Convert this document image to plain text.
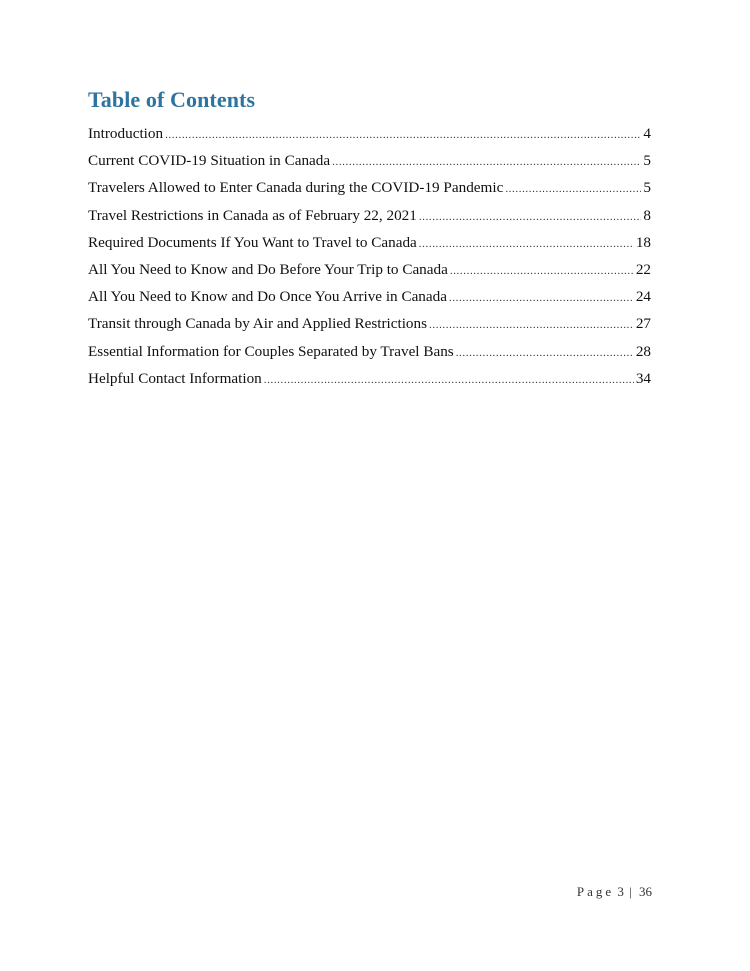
Table of Contents
Introduction .....	4
Current COVID-19 Situation in Canada .....	5
Travelers Allowed to Enter Canada during the COVID-19 Pandemic .....	5
Travel Restrictions in Canada as of February 22, 2021 .....	8
Required Documents If You Want to Travel to Canada .....	18
All You Need to Know and Do Before Your Trip to Canada .....	22
All You Need to Know and Do Once You Arrive in Canada .....	24
Transit through Canada by Air and Applied Restrictions .....	27
Essential Information for Couples Separated by Travel Bans .....	28
Helpful Contact Information .....	34
Page 3 | 36
